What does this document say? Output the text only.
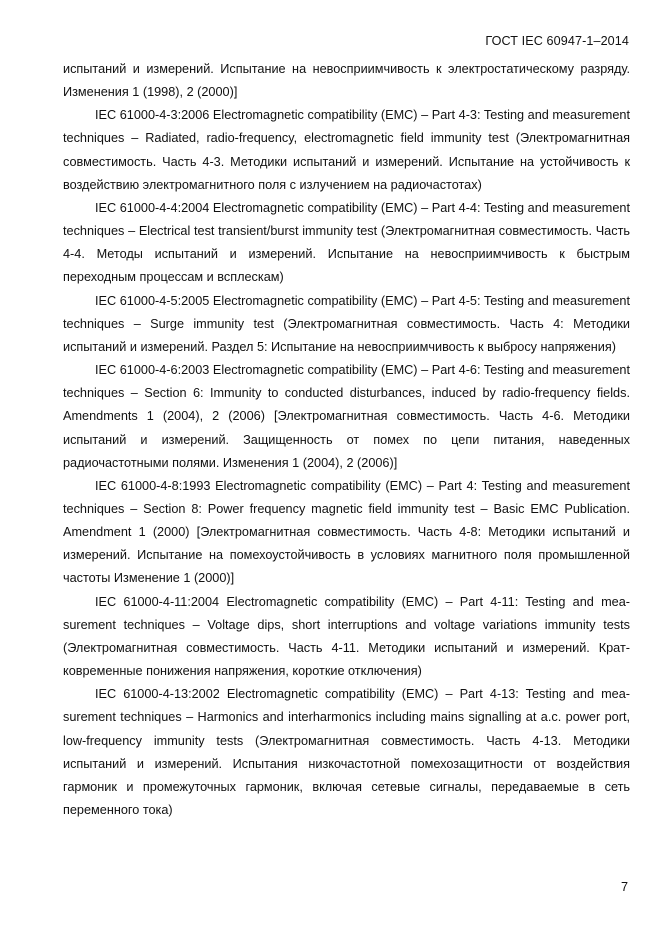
ГОСТ IEC 60947-1–2014

испытаний и измерений. Испытание на невосприимчивость к электростатическому разряду. Изменения 1 (1998), 2 (2000)]

IEC 61000-4-3:2006 Electromagnetic compatibility (EMC) – Part 4-3: Testing and measurement techniques – Radiated, radio-frequency, electromagnetic field immunity test (Электромагнитная совместимость. Часть 4-3. Методики испытаний и измерений. Испытание на устойчивость к воздействию электромагнитного поля с излучением на радиочастотах)

IEC 61000-4-4:2004 Electromagnetic compatibility (EMC) – Part 4-4: Testing and measurement techniques – Electrical test transient/burst immunity test (Электромагнитная совместимость. Часть 4-4. Методы испытаний и измерений. Испытание на невосприимчивость к быстрым переходным процессам и всплескам)

IEC 61000-4-5:2005 Electromagnetic compatibility (EMC) – Part 4-5: Testing and measurement techniques – Surge immunity test (Электромагнитная совместимость. Часть 4: Методики испытаний и измерений. Раздел 5: Испытание на невосприимчивость к выбросу напряжения)

IEC 61000-4-6:2003 Electromagnetic compatibility (EMC) – Part 4-6: Testing and measurement techniques – Section 6: Immunity to conducted disturbances, induced by radio-frequency fields. Amendments 1 (2004), 2 (2006) [Электромагнитная совместимость. Часть 4-6. Методики испытаний и измерений. Защищенность от помех по цепи питания, наведенных радиочастотными полями. Изменения 1 (2004), 2 (2006)]

IEC 61000-4-8:1993 Electromagnetic compatibility (EMC) – Part 4: Testing and measurement techniques – Section 8: Power frequency magnetic field immunity test – Basic EMC Publication. Amendment 1 (2000) [Электромагнитная совместимость. Часть 4-8: Методики испытаний и измерений. Испытание на помехоустойчивость в условиях магнитного поля промышленной частоты Изменение 1 (2000)]

IEC 61000-4-11:2004 Electromagnetic compatibility (EMC) – Part 4-11: Testing and measurement techniques – Voltage dips, short interruptions and voltage variations immunity tests (Электромагнитная совместимость. Часть 4-11. Методики испытаний и измерений. Кратковременные понижения напряжения, короткие отключения)

IEC 61000-4-13:2002 Electromagnetic compatibility (EMC) – Part 4-13: Testing and measurement techniques – Harmonics and interharmonics including mains signalling at a.c. power port, low-frequency immunity tests (Электромагнитная совместимость. Часть 4-13. Методики испытаний и измерений. Испытания низкочастотной помехозащитности от воздействия гармоник и промежуточных гармоник, включая сетевые сигналы, передаваемые в сеть переменного тока)

7
